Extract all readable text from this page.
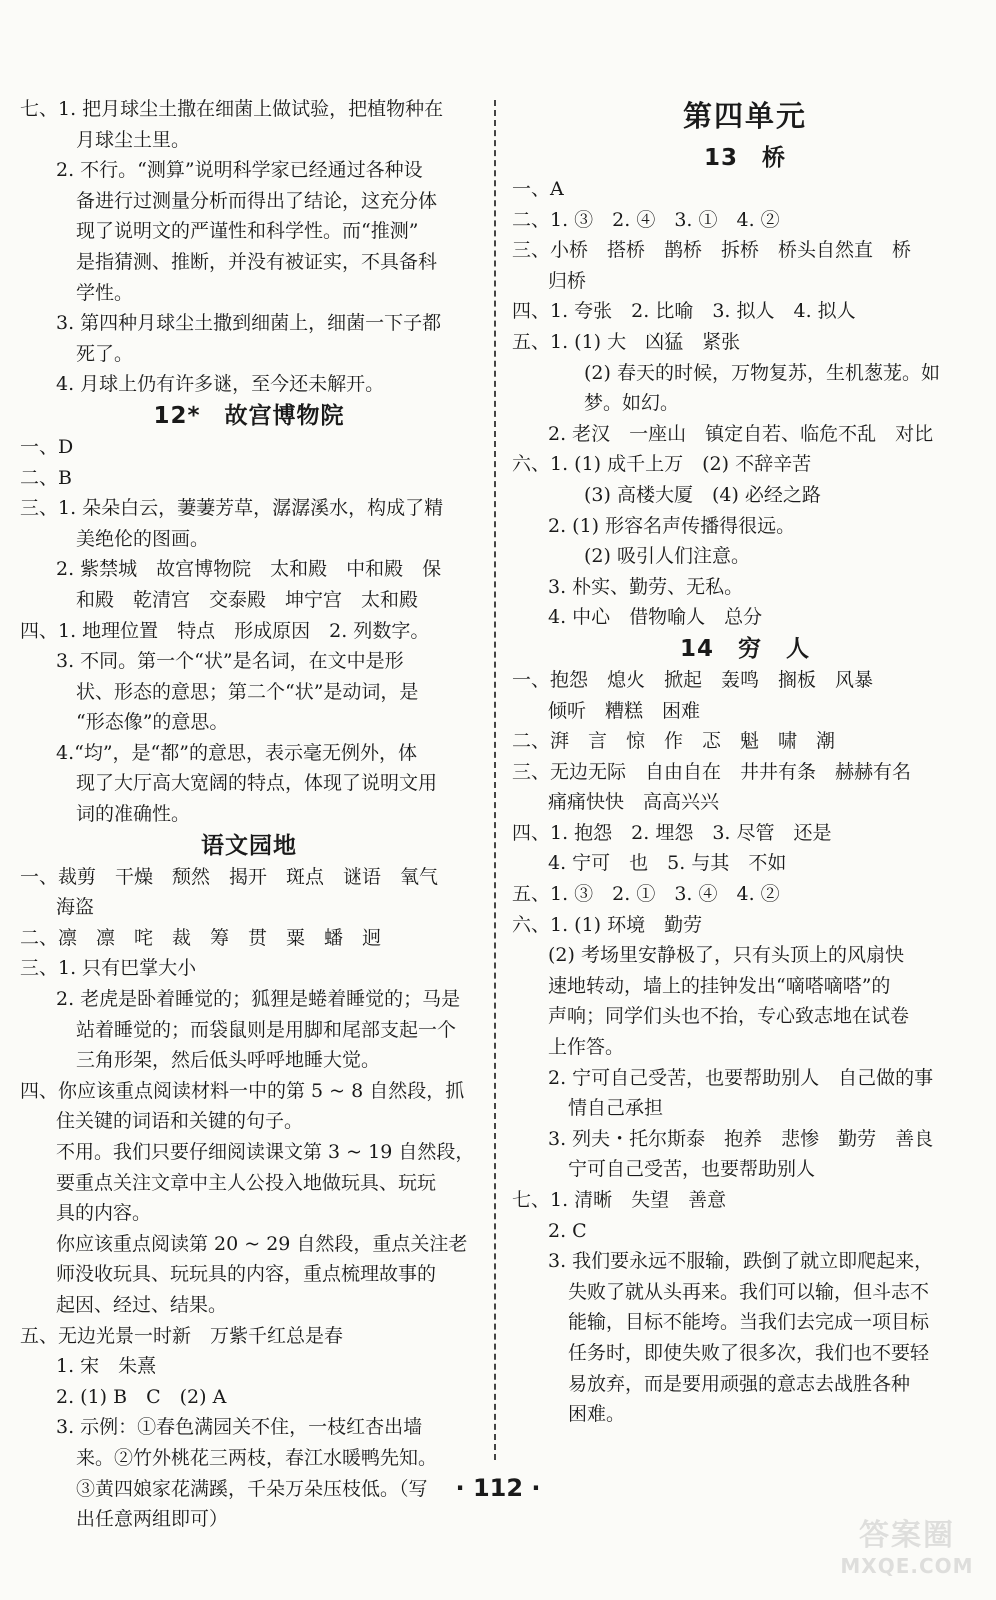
七、1. 把月球尘土撒在细菌上做试验，把植物种在
月球尘土里。
2. 不行。“测算”说明科学家已经通过各种设
备进行过测量分析而得出了结论，这充分体
现了说明文的严谨性和科学性。而“推测”
是指猜测、推断，并没有被证实，不具备科
学性。
3. 第四种月球尘土撒到细菌上，细菌一下子都
死了。
4. 月球上仍有许多谜，至今还未解开。
12*　故宫博物院
一、D
二、B
三、1. 朵朵白云，萋萋芳草，潺潺溪水，构成了精
美绝伦的图画。
2. 紫禁城　故宫博物院　太和殿　中和殿　保
和殿　乾清宫　交泰殿　坤宁宫　太和殿
四、1. 地理位置　特点　形成原因　2. 列数字。
3. 不同。第一个“状”是名词，在文中是形
状、形态的意思；第二个“状”是动词，是
“形态像”的意思。
4.“均”，是“都”的意思，表示毫无例外，体
现了大厅高大宽阔的特点，体现了说明文用
词的准确性。
语文园地
一、裁剪　干燥　颓然　揭开　斑点　谜语　氧气
海盗
二、凛　凛　咤　裁　筹　贯　粟　蟠　迥
三、1. 只有巴掌大小
2. 老虎是卧着睡觉的；狐狸是蜷着睡觉的；马是
站着睡觉的；而袋鼠则是用脚和尾部支起一个
三角形架，然后低头呼呼地睡大觉。
四、你应该重点阅读材料一中的第 5 ~ 8 自然段，抓
住关键的词语和关键的句子。
不用。我们只要仔细阅读课文第 3 ~ 19 自然段，
要重点关注文章中主人公投入地做玩具、玩玩
具的内容。
你应该重点阅读第 20 ~ 29 自然段，重点关注老
师没收玩具、玩玩具的内容，重点梳理故事的
起因、经过、结果。
五、无边光景一时新　万紫千红总是春
1. 宋　朱熹
2. (1) B　C　(2) A
3. 示例：①春色满园关不住，一枝红杏出墙
来。②竹外桃花三两枝，春江水暖鸭先知。
③黄四娘家花满蹊，千朵万朵压枝低。（写
出任意两组即可）
第四单元
13　桥
一、A
二、1. ③　2. ④　3. ①　4. ②
三、小桥　搭桥　鹊桥　拆桥　桥头自然直　桥
归桥
四、1. 夸张　2. 比喻　3. 拟人　4. 拟人
五、1. (1) 大　凶猛　紧张
(2) 春天的时候，万物复苏，生机葱茏。如
梦。如幻。
2. 老汉　一座山　镇定自若、临危不乱　对比
六、1. (1) 成千上万　(2) 不辞辛苦
(3) 高楼大厦　(4) 必经之路
2. (1) 形容名声传播得很远。
(2) 吸引人们注意。
3. 朴实、勤劳、无私。
4. 中心　借物喻人　总分
14　穷　人
一、抱怨　熄火　掀起　轰鸣　搁板　风暴
倾听　糟糕　困难
二、湃　言　惊　作　忑　魁　啸　潮
三、无边无际　自由自在　井井有条　赫赫有名
痛痛快快　高高兴兴
四、1. 抱怨　2. 埋怨　3. 尽管　还是
4. 宁可　也　5. 与其　不如
五、1. ③　2. ①　3. ④　4. ②
六、1. (1) 环境　勤劳
(2) 考场里安静极了，只有头顶上的风扇快
速地转动，墙上的挂钟发出“嘀嗒嘀嗒”的
声响；同学们头也不抬，专心致志地在试卷
上作答。
2. 宁可自己受苦，也要帮助别人　自己做的事
情自己承担
3. 列夫・托尔斯泰　抱养　悲惨　勤劳　善良
宁可自己受苦，也要帮助别人
七、1. 清晰　失望　善意
2. C
3. 我们要永远不服输，跌倒了就立即爬起来，
失败了就从头再来。我们可以输，但斗志不
能输，目标不能垮。当我们去完成一项目标
任务时，即使失败了很多次，我们也不要轻
易放弃，而是要用顽强的意志去战胜各种
困难。
· 112 ·
答案圈
MXQE.COM
